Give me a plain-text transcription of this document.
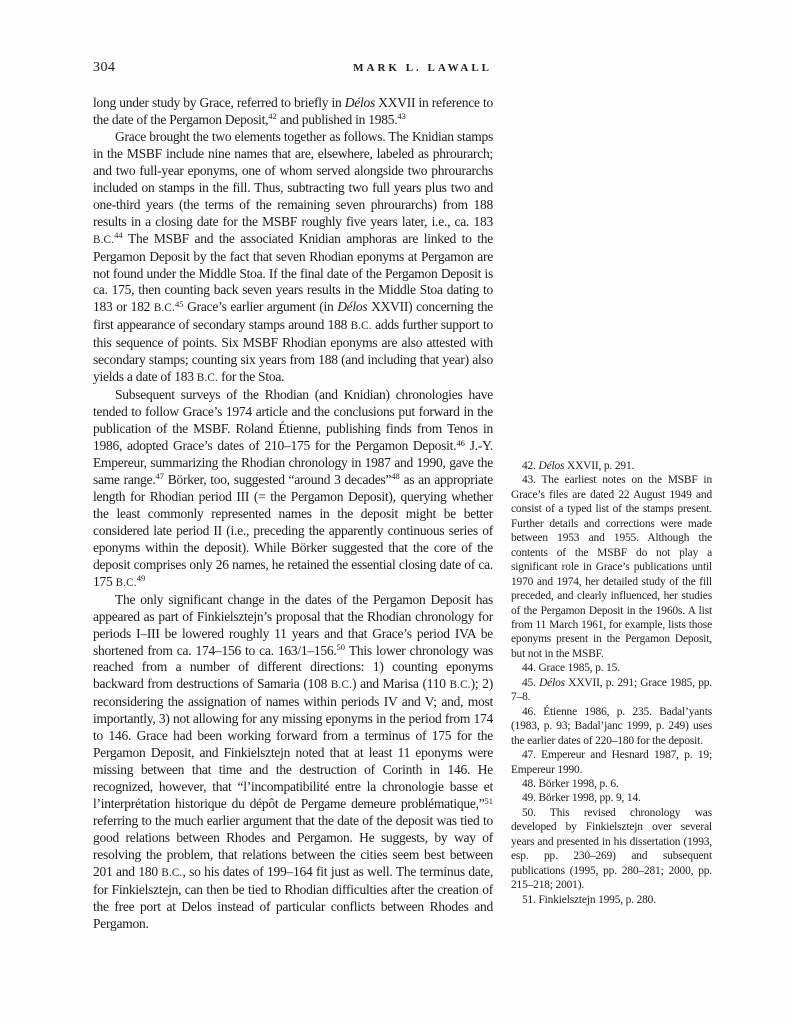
304	MARK L. LAWALL

long under study by Grace, referred to briefly in Délos XXVII in reference to the date of the Pergamon Deposit,$^{42}$ and published in 1985.43

Grace brought the two elements together as follows. The Knidian stamps in the MSBF include nine names that are, elsewhere, labeled as phrourarch; and two full-year eponyms, one of whom served alongside two phrourarchs included on stamps in the fill. Thus, subtracting two full years plus two and one-third years (the terms of the remaining seven phrourarchs) from 188 results in a closing date for the MSBF roughly five years later, i.e., ca. 183 B.C.$^{44}$ The MSBF and the associated Knidian amphoras are linked to the Pergamon Deposit by the fact that seven Rhodian eponyms at Pergamon are not found under the Middle Stoa. If the final date of the Pergamon Deposit is ca. 175, then counting back seven years results in the Middle Stoa dating to 183 or 182 B.C.$^{45}$ Grace’s earlier argument (in Délos XXVII) concerning the first appearance of secondary stamps around 188 B.C. adds further support to this sequence of points. Six MSBF Rhodian eponyms are also attested with secondary stamps; counting six years from 188 (and including that year) also yields a date of 183 B.C. for the Stoa.

Subsequent surveys of the Rhodian (and Knidian) chronologies have tended to follow Grace’s 1974 article and the conclusions put forward in the publication of the MSBF. Roland Étienne, publishing finds from Tenos in 1986, adopted Grace’s dates of 210–175 for the Pergamon Deposit.$^{46}$ J.-Y. Empereur, summarizing the Rhodian chronology in 1987 and 1990, gave the same range.$^{47}$ Börker, too, suggested “around 3 decades”$^{48}$ as an appropriate length for Rhodian period III (= the Pergamon Deposit), querying whether the least commonly represented names in the deposit might be better considered late period II (i.e., preceding the apparently continuous series of eponyms within the deposit). While Börker suggested that the core of the deposit comprises only 26 names, he retained the essential closing date of ca. 175 B.C.$^{49}$

The only significant change in the dates of the Pergamon Deposit has appeared as part of Finkielsztejn’s proposal that the Rhodian chronology for periods I–III be lowered roughly 11 years and that Grace’s period IVA be shortened from ca. 174–156 to ca. 163/1–156.50 This lower chronology was reached from a number of different directions: 1) counting eponyms backward from destructions of Samaria (108 B.C.) and Marisa (110 B.C.); 2) reconsidering the assignation of names within periods IV and V; and, most importantly, 3) not allowing for any missing eponyms in the period from 174 to 146. Grace had been working forward from a terminus of 175 for the Pergamon Deposit, and Finkielsztejn noted that at least 11 eponyms were missing between that time and the destruction of Corinth in 146. He recognized, however, that “l’incompatibilité entre la chronologie basse et l’interprétation historique du dépôt de Pergame demeure problématique,”$^{51}$ referring to the much earlier argument that the date of the deposit was tied to good relations between Rhodes and Pergamon. He suggests, by way of resolving the problem, that relations between the cities seem best between 201 and 180 B.C., so his dates of 199–164 fit just as well. The terminus date, for Finkielsztejn, can then be tied to Rhodian difficulties after the creation of the free port at Delos instead of particular conflicts between Rhodes and Pergamon.

42. Délos XXVII, p. 291.

43. The earliest notes on the MSBF in Grace’s files are dated 22 August 1949 and consist of a typed list of the stamps present. Further details and corrections were made between 1953 and 1955. Although the contents of the MSBF do not play a significant role in Grace’s publications until 1970 and 1974, her detailed study of the fill preceded, and clearly influenced, her studies of the Pergamon Deposit in the 1960s. A list from 11 March 1961, for example, lists those eponyms present in the Pergamon Deposit, but not in the MSBF.

44. Grace 1985, p. 15.

45. Délos XXVII, p. 291; Grace 1985, pp. 7–8.

46. Étienne 1986, p. 235. Badal’yants (1983, p. 93; Badal’janc 1999, p. 249) uses the earlier dates of 220–180 for the deposit.

47. Empereur and Hesnard 1987, p. 19; Empereur 1990.

48. Börker 1998, p. 6.

49. Börker 1998, pp. 9, 14.

50. This revised chronology was developed by Finkielsztejn over several years and presented in his dissertation (1993, esp. pp. 230–269) and subsequent publications (1995, pp. 280–281; 2000, pp. 215–218; 2001).

51. Finkielsztejn 1995, p. 280.
